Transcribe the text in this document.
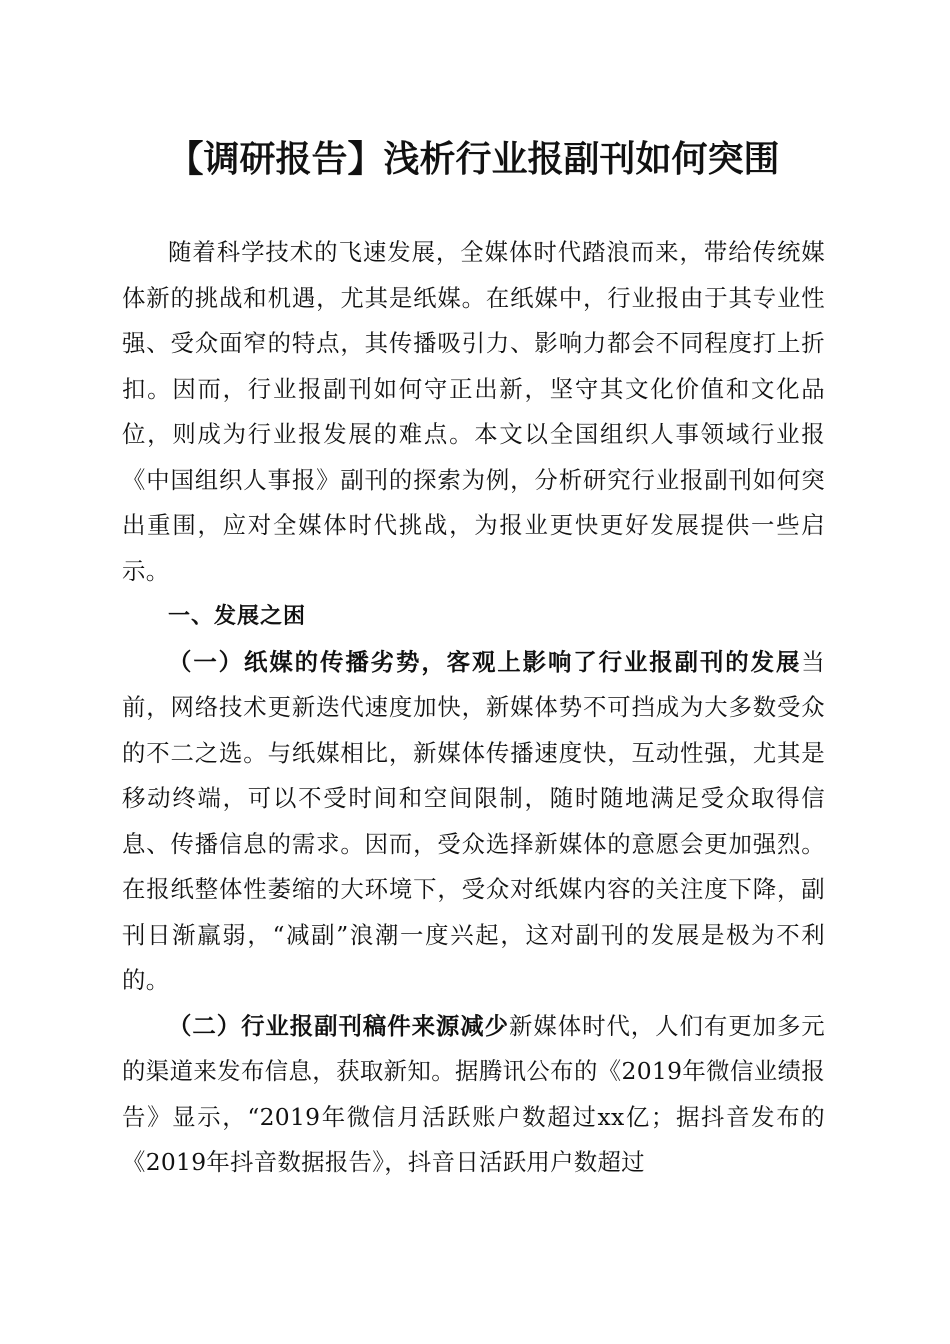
【调研报告】浅析行业报副刊如何突围

随着科学技术的飞速发展，全媒体时代踏浪而来，带给传统媒体新的挑战和机遇，尤其是纸媒。在纸媒中，行业报由于其专业性强、受众面窄的特点，其传播吸引力、影响力都会不同程度打上折扣。因而，行业报副刊如何守正出新，坚守其文化价值和文化品位，则成为行业报发展的难点。本文以全国组织人事领域行业报《中国组织人事报》副刊的探索为例，分析研究行业报副刊如何突出重围，应对全媒体时代挑战，为报业更快更好发展提供一些启示。

一、发展之困

（一）纸媒的传播劣势，客观上影响了行业报副刊的发展当前，网络技术更新迭代速度加快，新媒体势不可挡成为大多数受众的不二之选。与纸媒相比，新媒体传播速度快，互动性强，尤其是移动终端，可以不受时间和空间限制，随时随地满足受众取得信息、传播信息的需求。因而，受众选择新媒体的意愿会更加强烈。在报纸整体性萎缩的大环境下，受众对纸媒内容的关注度下降，副刊日渐羸弱，“减副”浪潮一度兴起，这对副刊的发展是极为不利的。

（二）行业报副刊稿件来源减少新媒体时代，人们有更加多元的渠道来发布信息，获取新知。据腾讯公布的《2019年微信业绩报告》显示，“2019年微信月活跃账户数超过xx亿；据抖音发布的《2019年抖音数据报告》，抖音日活跃用户数超过
